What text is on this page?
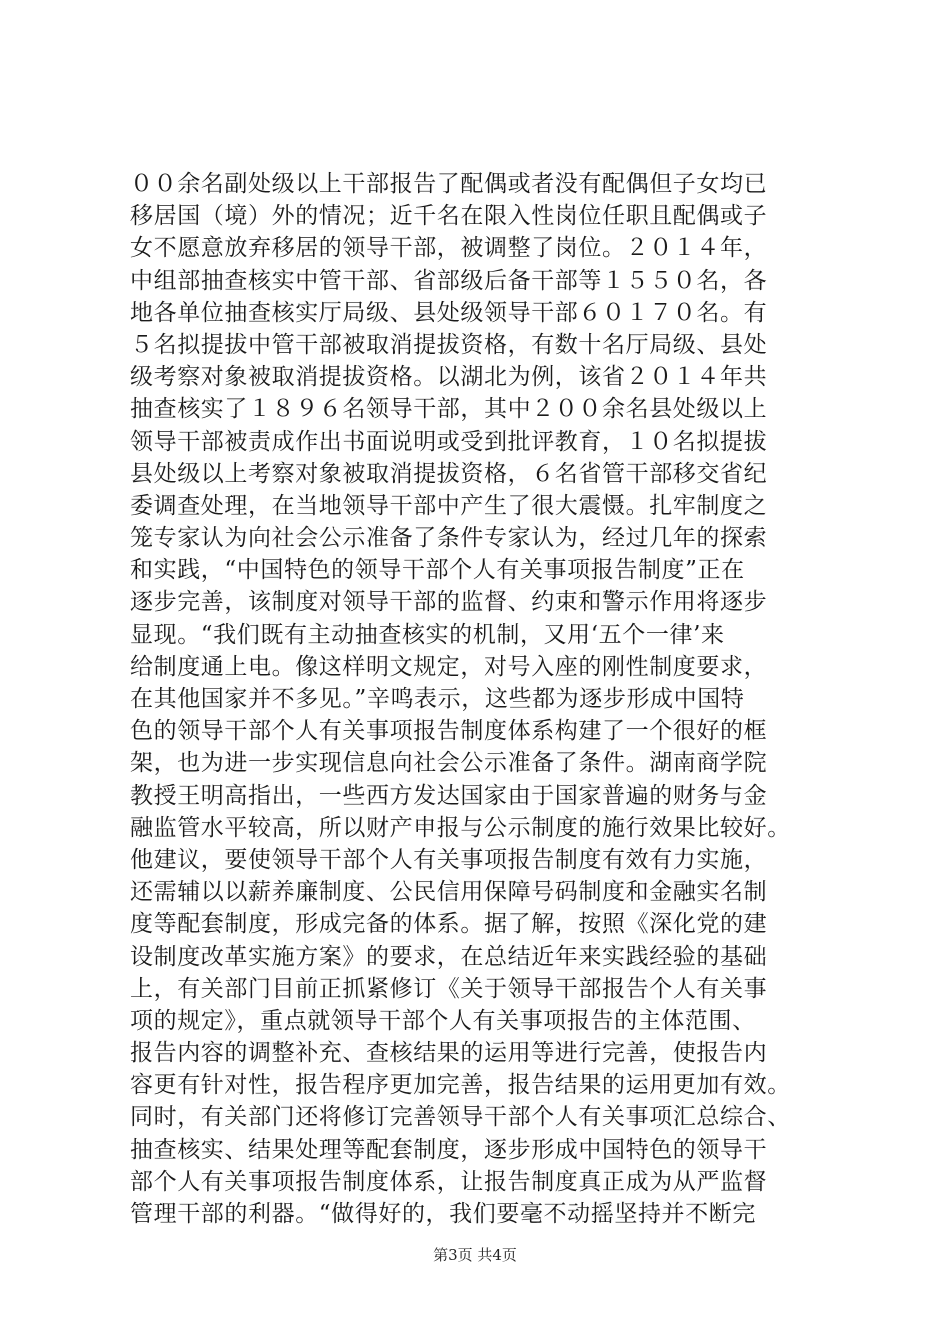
００余名副处级以上干部报告了配偶或者没有配偶但子女均已
移居国（境）外的情况；近千名在限入性岗位任职且配偶或子
女不愿意放弃移居的领导干部，被调整了岗位。２０１４年，
中组部抽查核实中管干部、省部级后备干部等１５５０名，各
地各单位抽查核实厅局级、县处级领导干部６０１７０名。有
５名拟提拔中管干部被取消提拔资格，有数十名厅局级、县处
级考察对象被取消提拔资格。以湖北为例，该省２０１４年共
抽查核实了１８９６名领导干部，其中２００余名县处级以上
领导干部被责成作出书面说明或受到批评教育，１０名拟提拔
县处级以上考察对象被取消提拔资格，６名省管干部移交省纪
委调查处理，在当地领导干部中产生了很大震慑。扎牢制度之
笼专家认为向社会公示准备了条件专家认为，经过几年的探索
和实践，“中国特色的领导干部个人有关事项报告制度”正在
逐步完善，该制度对领导干部的监督、约束和警示作用将逐步
显现。“我们既有主动抽查核实的机制，又用‘五个一律’来
给制度通上电。像这样明文规定，对号入座的刚性制度要求，
在其他国家并不多见。”辛鸣表示，这些都为逐步形成中国特
色的领导干部个人有关事项报告制度体系构建了一个很好的框
架，也为进一步实现信息向社会公示准备了条件。湖南商学院
教授王明高指出，一些西方发达国家由于国家普遍的财务与金
融监管水平较高，所以财产申报与公示制度的施行效果比较好。
他建议，要使领导干部个人有关事项报告制度有效有力实施，
还需辅以以薪养廉制度、公民信用保障号码制度和金融实名制
度等配套制度，形成完备的体系。据了解，按照《深化党的建
设制度改革实施方案》的要求，在总结近年来实践经验的基础
上，有关部门目前正抓紧修订《关于领导干部报告个人有关事
项的规定》，重点就领导干部个人有关事项报告的主体范围、
报告内容的调整补充、查核结果的运用等进行完善，使报告内
容更有针对性，报告程序更加完善，报告结果的运用更加有效。
同时，有关部门还将修订完善领导干部个人有关事项汇总综合、
抽查核实、结果处理等配套制度，逐步形成中国特色的领导干
部个人有关事项报告制度体系，让报告制度真正成为从严监督
管理干部的利器。“做得好的，我们要毫不动摇坚持并不断完
第3页 共4页
